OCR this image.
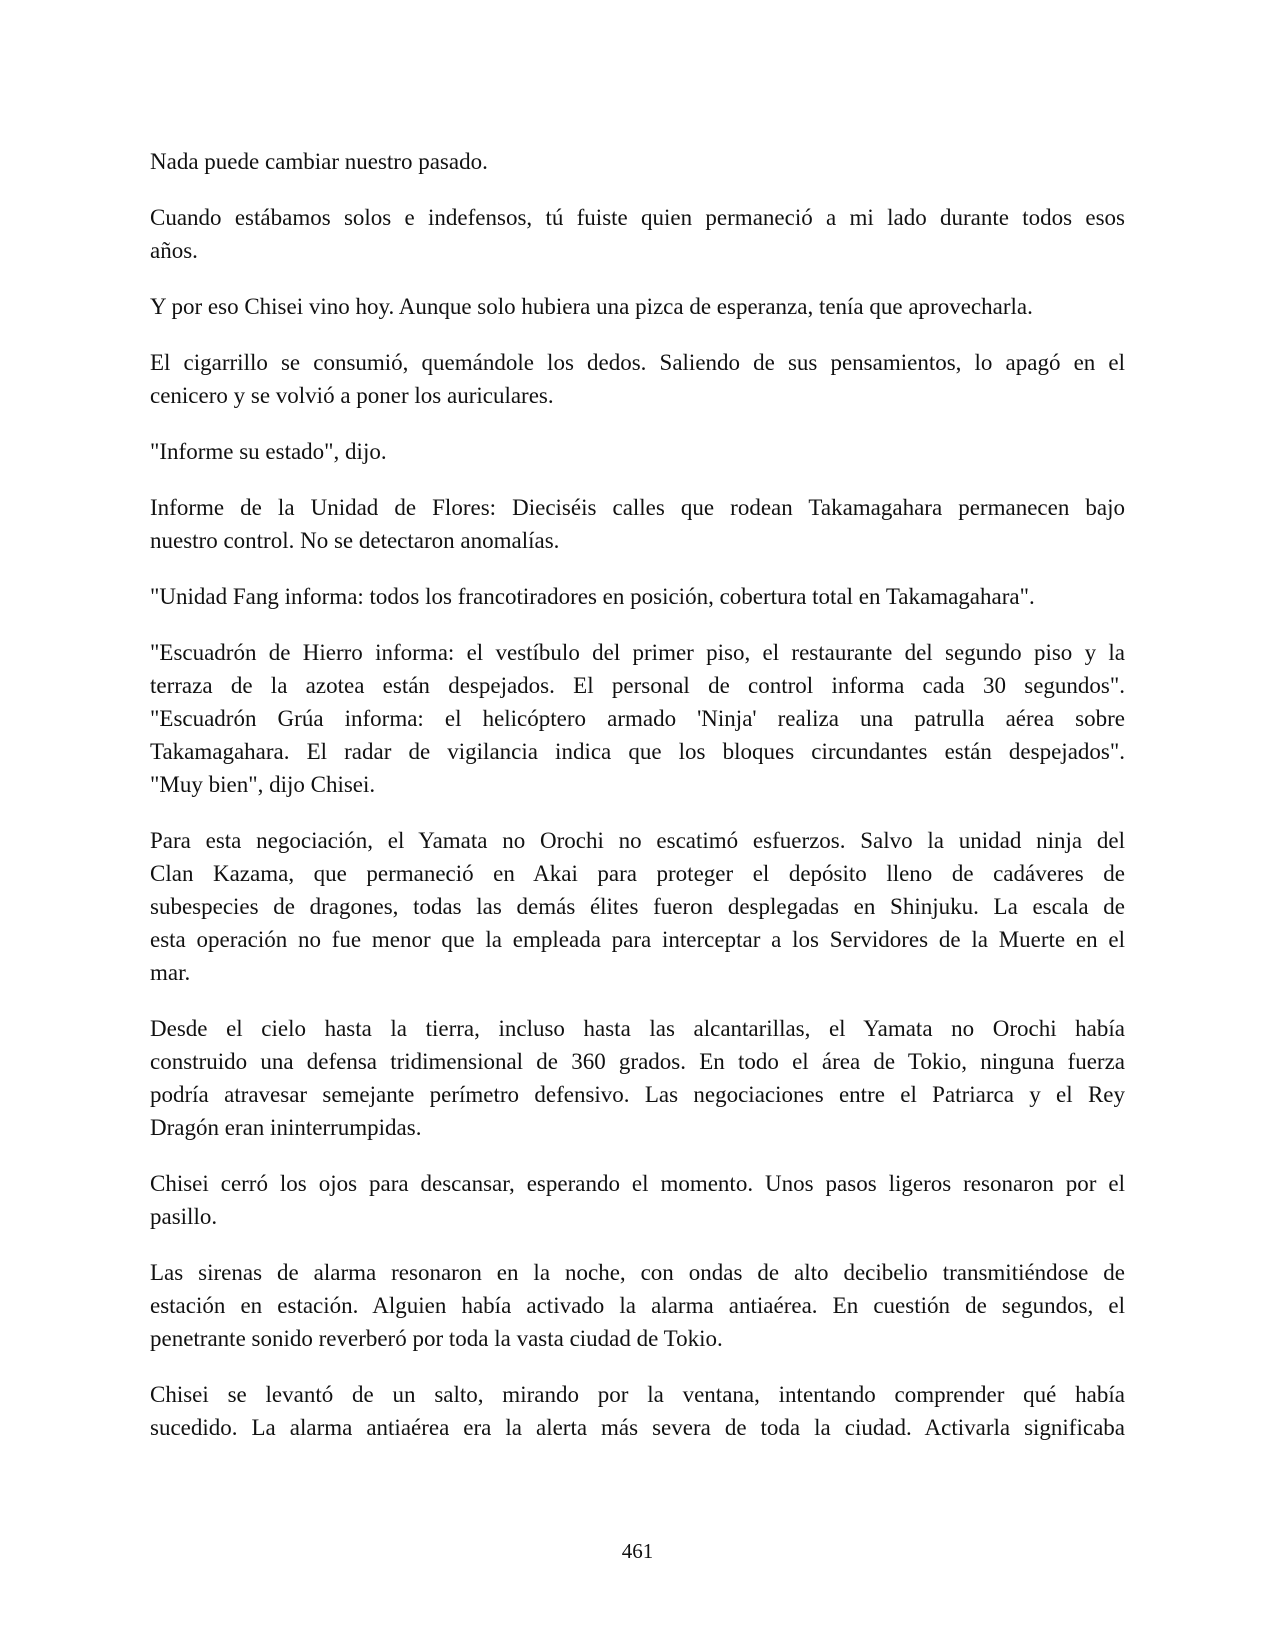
Nada puede cambiar nuestro pasado.

Cuando estábamos solos e indefensos, tú fuiste quien permaneció a mi lado durante todos esos
años.

Y por eso Chisei vino hoy. Aunque solo hubiera una pizca de esperanza, tenía que aprovecharla.

El cigarrillo se consumió, quemándole los dedos. Saliendo de sus pensamientos, lo apagó en el
cenicero y se volvió a poner los auriculares.

"Informe su estado", dijo.

Informe de la Unidad de Flores: Dieciséis calles que rodean Takamagahara permanecen bajo
nuestro control. No se detectaron anomalías.

"Unidad Fang informa: todos los francotiradores en posición, cobertura total en Takamagahara".

"Escuadrón de Hierro informa: el vestíbulo del primer piso, el restaurante del segundo piso y la
terraza de la azotea están despejados. El personal de control informa cada 30 segundos".
"Escuadrón Grúa informa: el helicóptero armado 'Ninja' realiza una patrulla aérea sobre
Takamagahara. El radar de vigilancia indica que los bloques circundantes están despejados".
"Muy bien", dijo Chisei.

Para esta negociación, el Yamata no Orochi no escatimó esfuerzos. Salvo la unidad ninja del
Clan Kazama, que permaneció en Akai para proteger el depósito lleno de cadáveres de
subespecies de dragones, todas las demás élites fueron desplegadas en Shinjuku. La escala de
esta operación no fue menor que la empleada para interceptar a los Servidores de la Muerte en el
mar.

Desde el cielo hasta la tierra, incluso hasta las alcantarillas, el Yamata no Orochi había
construido una defensa tridimensional de 360 grados. En todo el área de Tokio, ninguna fuerza
podría atravesar semejante perímetro defensivo. Las negociaciones entre el Patriarca y el Rey
Dragón eran ininterrumpidas.

Chisei cerró los ojos para descansar, esperando el momento. Unos pasos ligeros resonaron por el
pasillo.

Las sirenas de alarma resonaron en la noche, con ondas de alto decibelio transmitiéndose de
estación en estación. Alguien había activado la alarma antiaérea. En cuestión de segundos, el
penetrante sonido reverberó por toda la vasta ciudad de Tokio.

Chisei se levantó de un salto, mirando por la ventana, intentando comprender qué había
sucedido. La alarma antiaérea era la alerta más severa de toda la ciudad. Activarla significaba

461
